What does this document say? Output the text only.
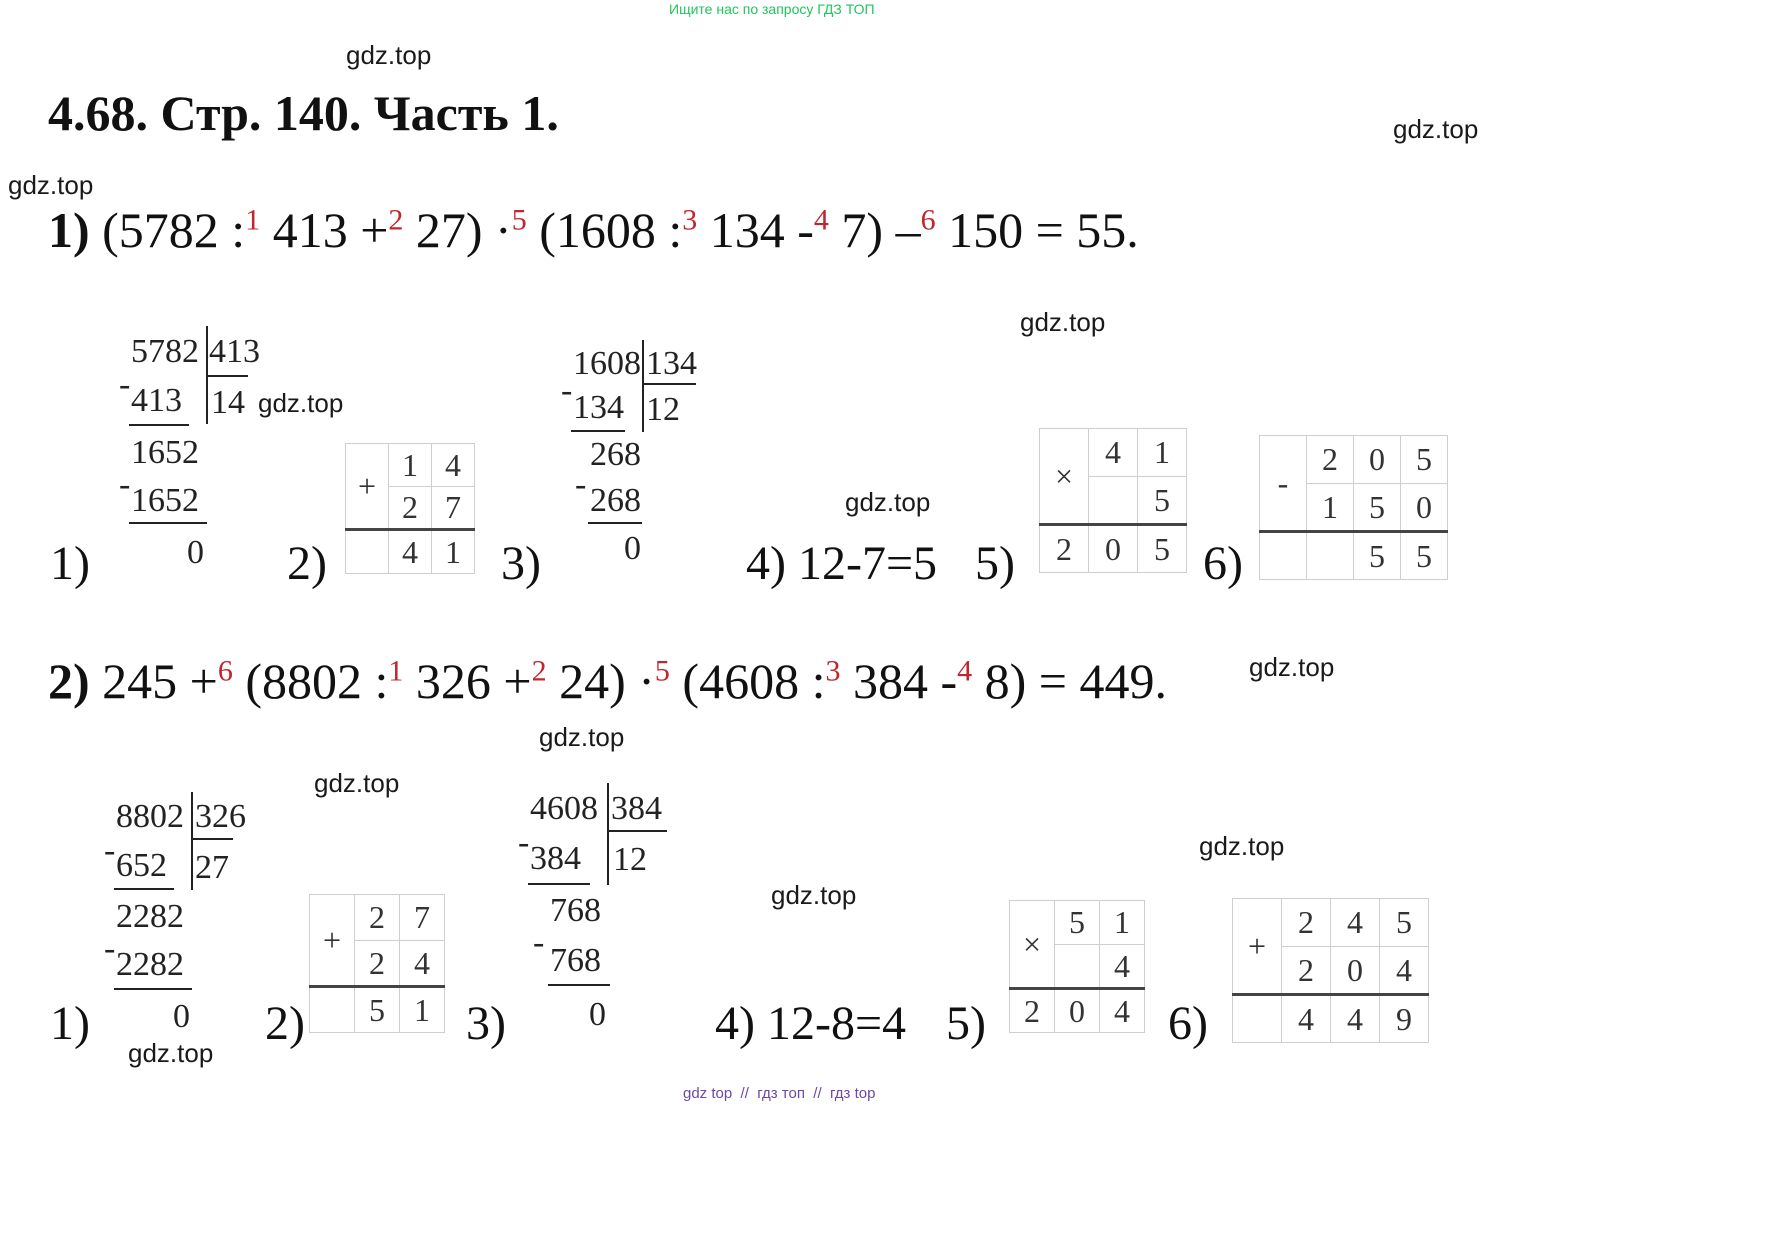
Ищите нас по запросу ГДЗ ТОП
4.68. Стр. 140. Часть 1.
gdz.top
gdz.top
gdz.top
gdz.top
gdz.top
gdz.top
gdz.top
gdz.top
gdz.top
gdz.top
gdz.top
gdz.top
1) (5782 :$^1$ 413 +$^2$ 27) ·$^5$ (1608 :$^3$ 134 -$^4$ 7) –$^6$ 150 = 55.
1)
5782 413
- 413 14
1652
- 1652
0 2)
+	1	4
	2	7
	4	1 3)
1608 134
- 134 12
268
- 268
0 4) 12-7=5 5)
×	4	1
		5
2	0	5 6)
-	2	0	5
	1	5	0
		5	5
2) 245 +$^6$ (8802 :$^1$ 326 +$^2$ 24) ·$^5$ (4608 :$^3$ 384 -$^4$ 8) = 449.
1)
8802 326
- 652 27
2282
- 2282
0 2)
+	2	7
	2	4
	5	1 3)
4608 384
- 384 12
768
- 768
0 4) 12-8=4 5)
×	5	1
		4
2	0	4 6)
+	2	4	5
	2	0	4
	4	4	9
gdz top  //  гдз топ  //  гдз top
